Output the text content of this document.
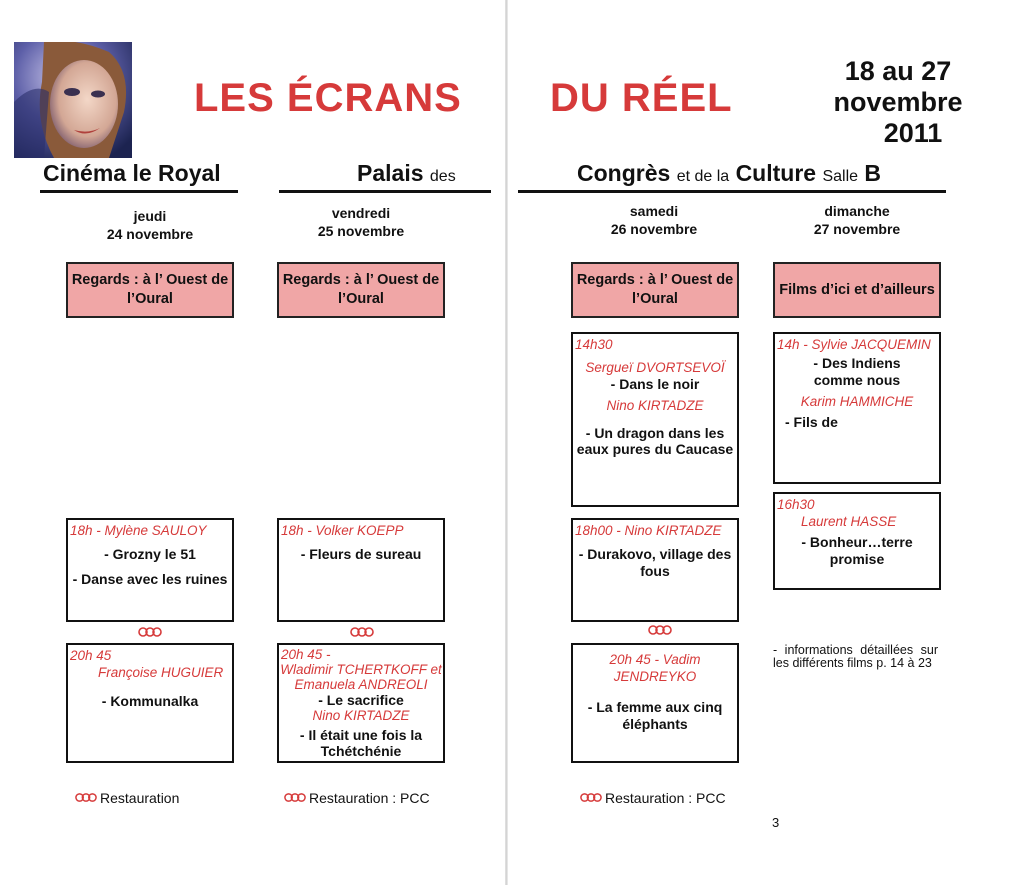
LES ÉCRANS DU RÉEL
18 au 27
novembre
2011
Cinéma le Royal	Palais des	Congrès et de la Culture Salle B
jeudi
24 novembre
vendredi
25 novembre
samedi
26 novembre
dimanche
27 novembre
Regards : à l’ Ouest de l’Oural
Regards : à l’ Ouest de l’Oural
Regards : à l’ Ouest de l’Oural
Films d’ici et d’ailleurs
18h - Mylène SAULOY
- Grozny le 51
- Danse avec les ruines
18h - Volker KOEPP
- Fleurs de sureau
14h30
Sergueï DVORTSEVOÏ
- Dans le noir
Nino KIRTADZE
- Un dragon dans les eaux pures du Caucase
18h00 - Nino KIRTADZE
- Durakovo, village des fous
14h - Sylvie JACQUEMIN
- Des Indiens comme nous
Karim HAMMICHE
- Fils de
16h30
Laurent HASSE
- Bonheur…terre promise
20h 45
Françoise HUGUIER
- Kommunalka
20h 45 -
Wladimir TCHERTKOFF et Emanuela ANDREOLI
- Le sacrifice
Nino KIRTADZE
- Il était une fois la Tchétchénie
20h 45 - Vadim JENDREYKO
- La femme aux cinq éléphants
- informations détaillées sur les différents films p. 14 à 23
Restauration	Restauration : PCC	Restauration : PCC
3
